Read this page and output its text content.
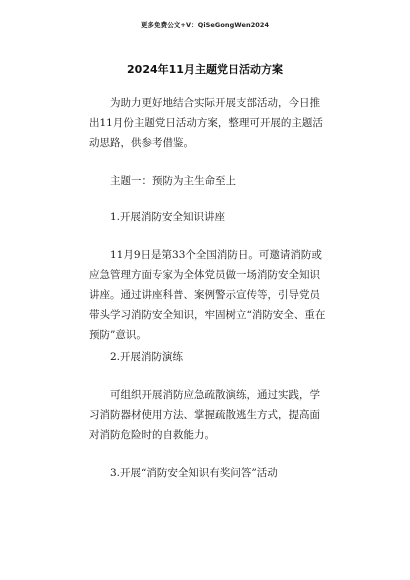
更多免费公文+V：QiSeGongWen2024
2024年11月主题党日活动方案
为助力更好地结合实际开展支部活动，今日推出11月份主题党日活动方案，整理可开展的主题活动思路，供参考借鉴。
主题一：预防为主生命至上
1.开展消防安全知识讲座
11月9日是第33个全国消防日。可邀请消防或应急管理方面专家为全体党员做一场消防安全知识讲座。通过讲座科普、案例警示宣传等，引导党员带头学习消防安全知识，牢固树立“消防安全、重在预防”意识。
2.开展消防演练
可组织开展消防应急疏散演练，通过实践，学习消防器材使用方法、掌握疏散逃生方式，提高面对消防危险时的自救能力。
3.开展“消防安全知识有奖问答”活动
